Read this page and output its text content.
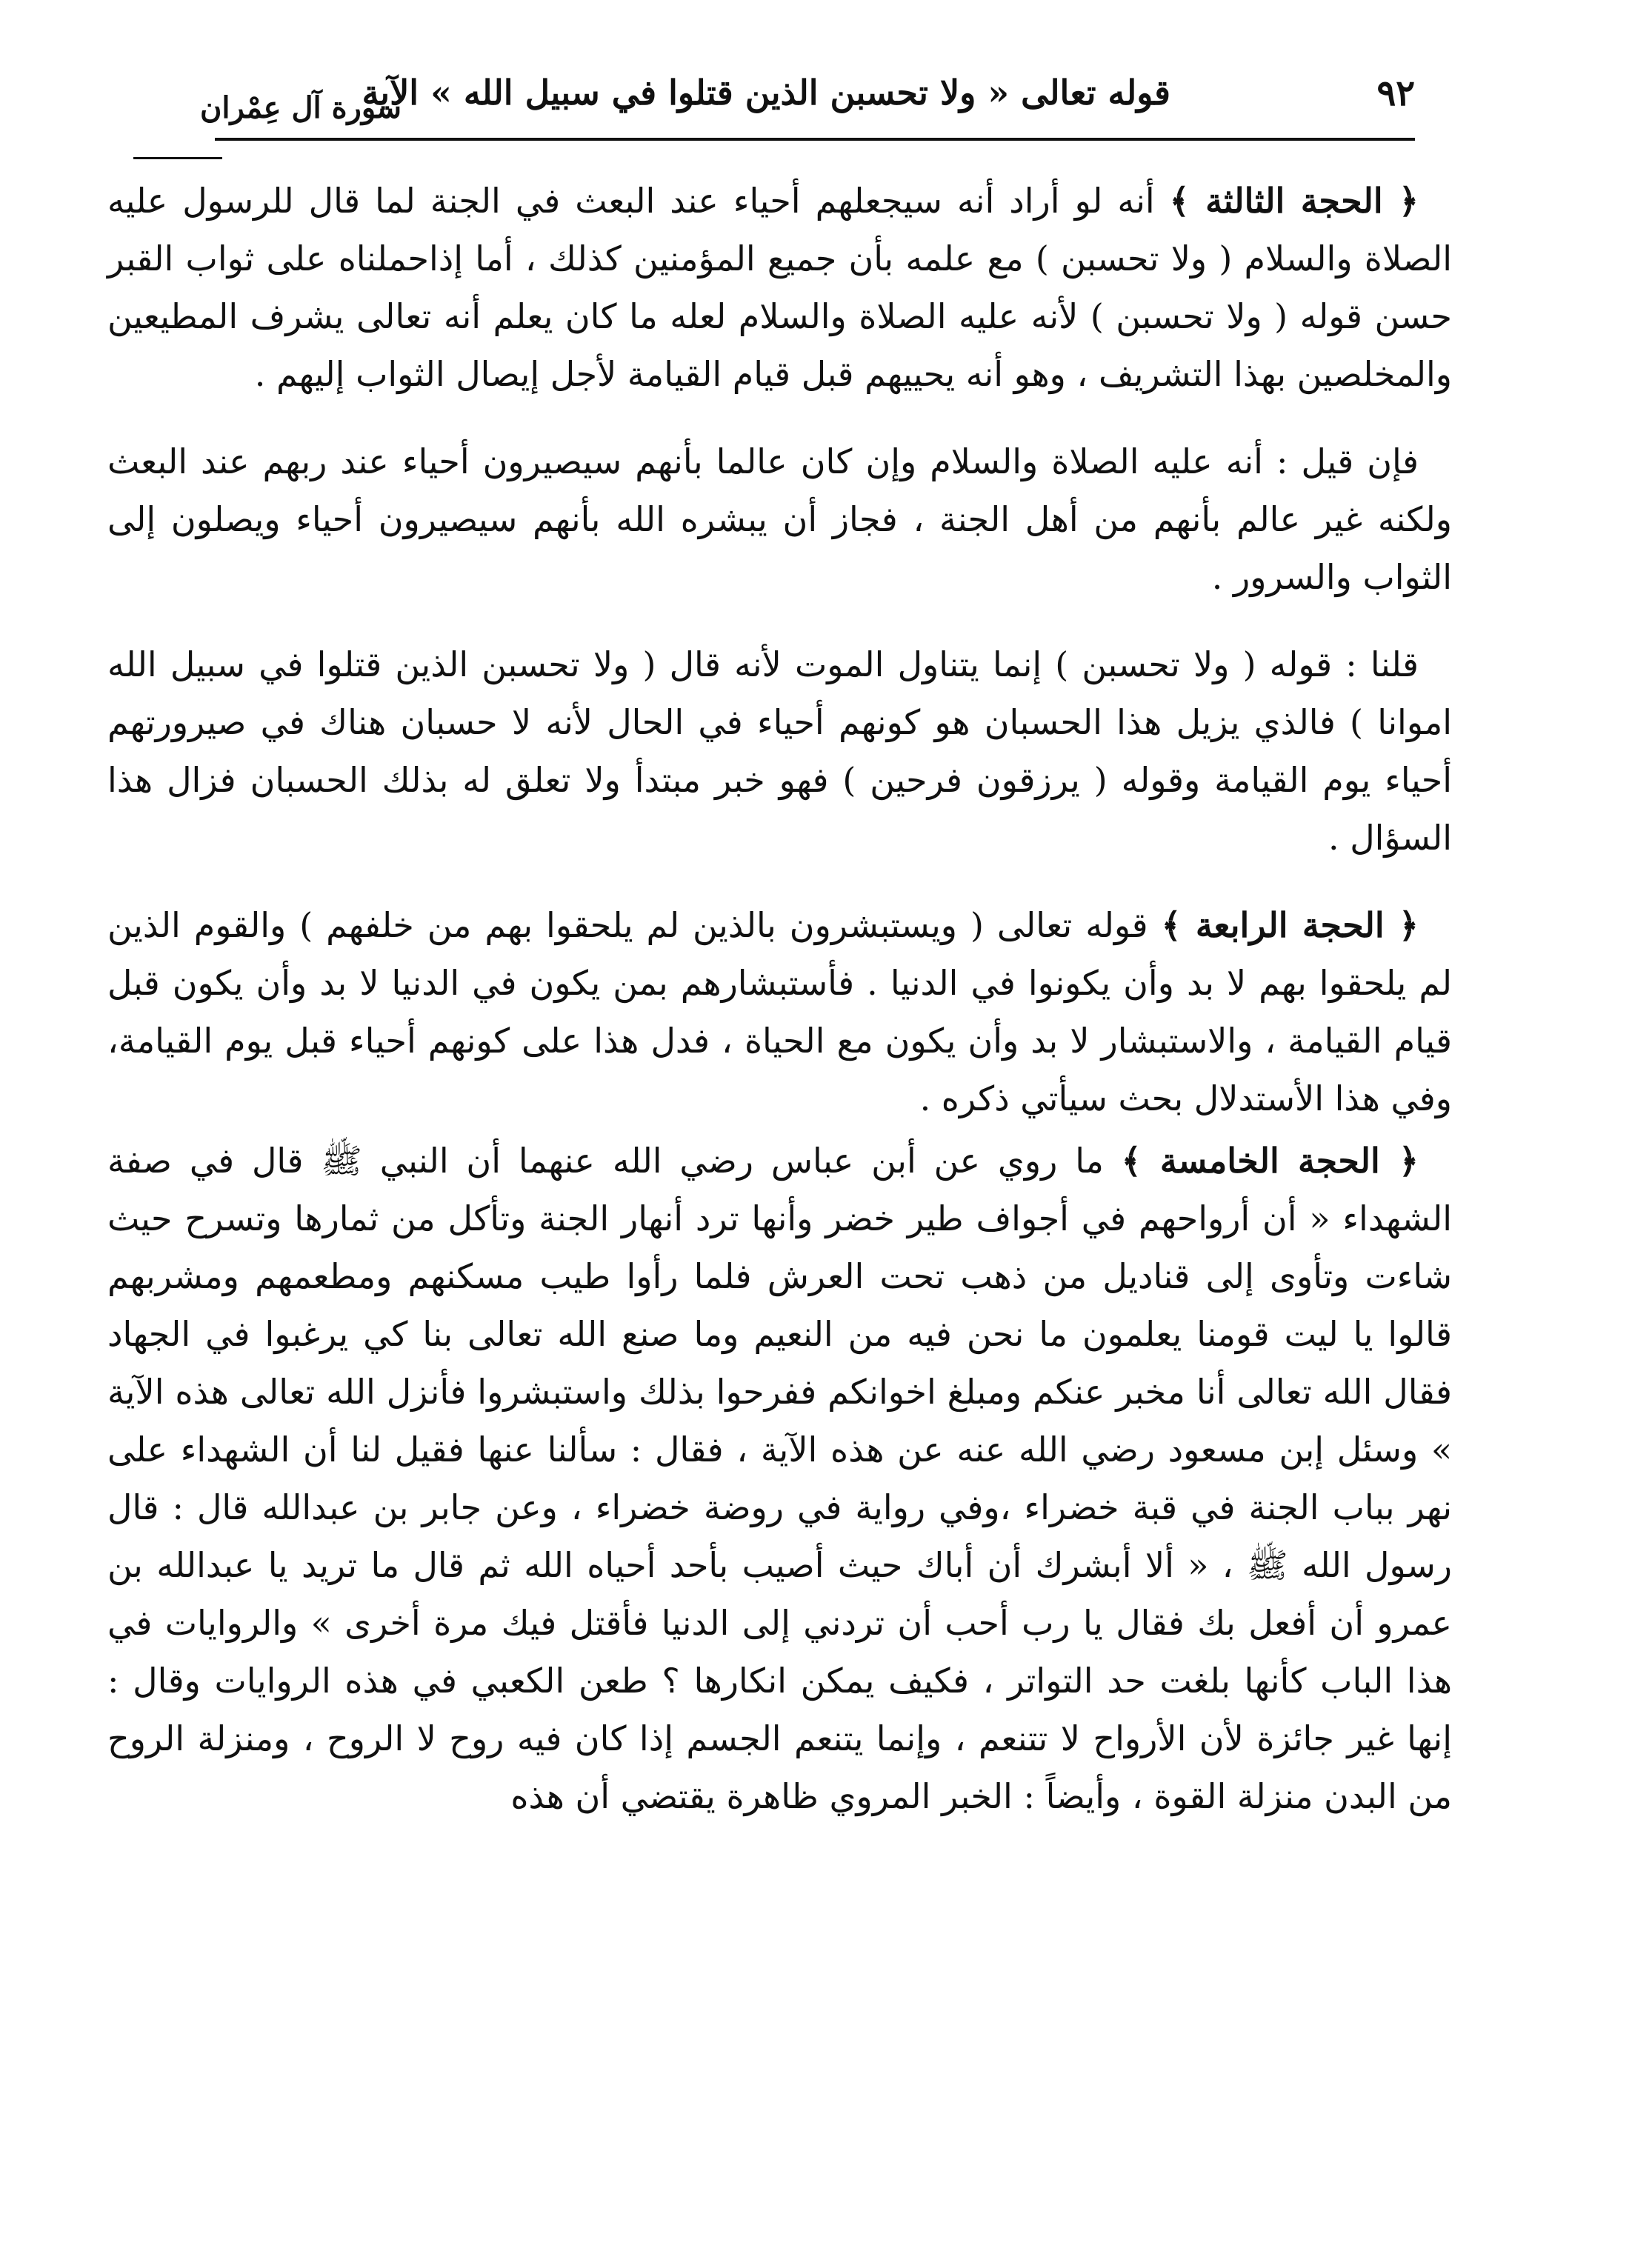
٩٢
قوله تعالى « ولا تحسبن الذين قتلوا في سبيل الله » الآية
سورة آل عِمْران

﴿ الحجة الثالثة ﴾ أنه لو أراد أنه سيجعلهم أحياء عند البعث في الجنة لما قال للرسول عليه الصلاة والسلام ( ولا تحسبن ) مع علمه بأن جميع المؤمنين كذلك ، أما إذاحملناه على ثواب القبر حسن قوله ( ولا تحسبن ) لأنه عليه الصلاة والسلام لعله ما كان يعلم أنه تعالى يشرف المطيعين والمخلصين بهذا التشريف ، وهو أنه يحييهم قبل قيام القيامة لأجل إيصال الثواب إليهم .

فإن قيل : أنه عليه الصلاة والسلام وإن كان عالما بأنهم سيصيرون أحياء عند ربهم عند البعث ولكنه غير عالم بأنهم من أهل الجنة ، فجاز أن يبشره الله بأنهم سيصيرون أحياء ويصلون إلى الثواب والسرور .

قلنا : قوله ( ولا تحسبن ) إنما يتناول الموت لأنه قال ( ولا تحسبن الذين قتلوا في سبيل الله اموانا ) فالذي يزيل هذا الحسبان هو كونهم أحياء في الحال لأنه لا حسبان هناك في صيرورتهم أحياء يوم القيامة وقوله ( يرزقون فرحين ) فهو خبر مبتدأ ولا تعلق له بذلك الحسبان فزال هذا السؤال .

﴿ الحجة الرابعة ﴾ قوله تعالى ( ويستبشرون بالذين لم يلحقوا بهم من خلفهم ) والقوم الذين لم يلحقوا بهم لا بد وأن يكونوا في الدنيا . فأستبشارهم بمن يكون في الدنيا لا بد وأن يكون قبل قيام القيامة ، والاستبشار لا بد وأن يكون مع الحياة ، فدل هذا على كونهم أحياء قبل يوم القيامة، وفي هذا الأستدلال بحث سيأتي ذكره .

﴿ الحجة الخامسة ﴾ ما روي عن أبن عباس رضي الله عنهما أن النبي ﷺ قال في صفة الشهداء « أن أرواحهم في أجواف طير خضر وأنها ترد أنهار الجنة وتأكل من ثمارها وتسرح حيث شاءت وتأوى إلى قناديل من ذهب تحت العرش فلما رأوا طيب مسكنهم ومطعمهم ومشربهم قالوا يا ليت قومنا يعلمون ما نحن فيه من النعيم وما صنع الله تعالى بنا كي يرغبوا في الجهاد فقال الله تعالى أنا مخبر عنكم ومبلغ اخوانكم ففرحوا بذلك واستبشروا فأنزل الله تعالى هذه الآية » وسئل إبن مسعود رضي الله عنه عن هذه الآية ، فقال : سألنا عنها فقيل لنا أن الشهداء على نهر بباب الجنة في قبة خضراء ،وفي رواية في روضة خضراء ، وعن جابر بن عبدالله قال : قال رسول الله ﷺ ، « ألا أبشرك أن أباك حيث أصيب بأحد أحياه الله ثم قال ما تريد يا عبدالله بن عمرو أن أفعل بك فقال يا رب أحب أن تردني إلى الدنيا فأقتل فيك مرة أخرى » والروايات في هذا الباب كأنها بلغت حد التواتر ، فكيف يمكن انكارها ؟ طعن الكعبي في هذه الروايات وقال : إنها غير جائزة لأن الأرواح لا تتنعم ، وإنما يتنعم الجسم إذا كان فيه روح لا الروح ، ومنزلة الروح من البدن منزلة القوة ، وأيضاً : الخبر المروي ظاهرة يقتضي أن هذه
